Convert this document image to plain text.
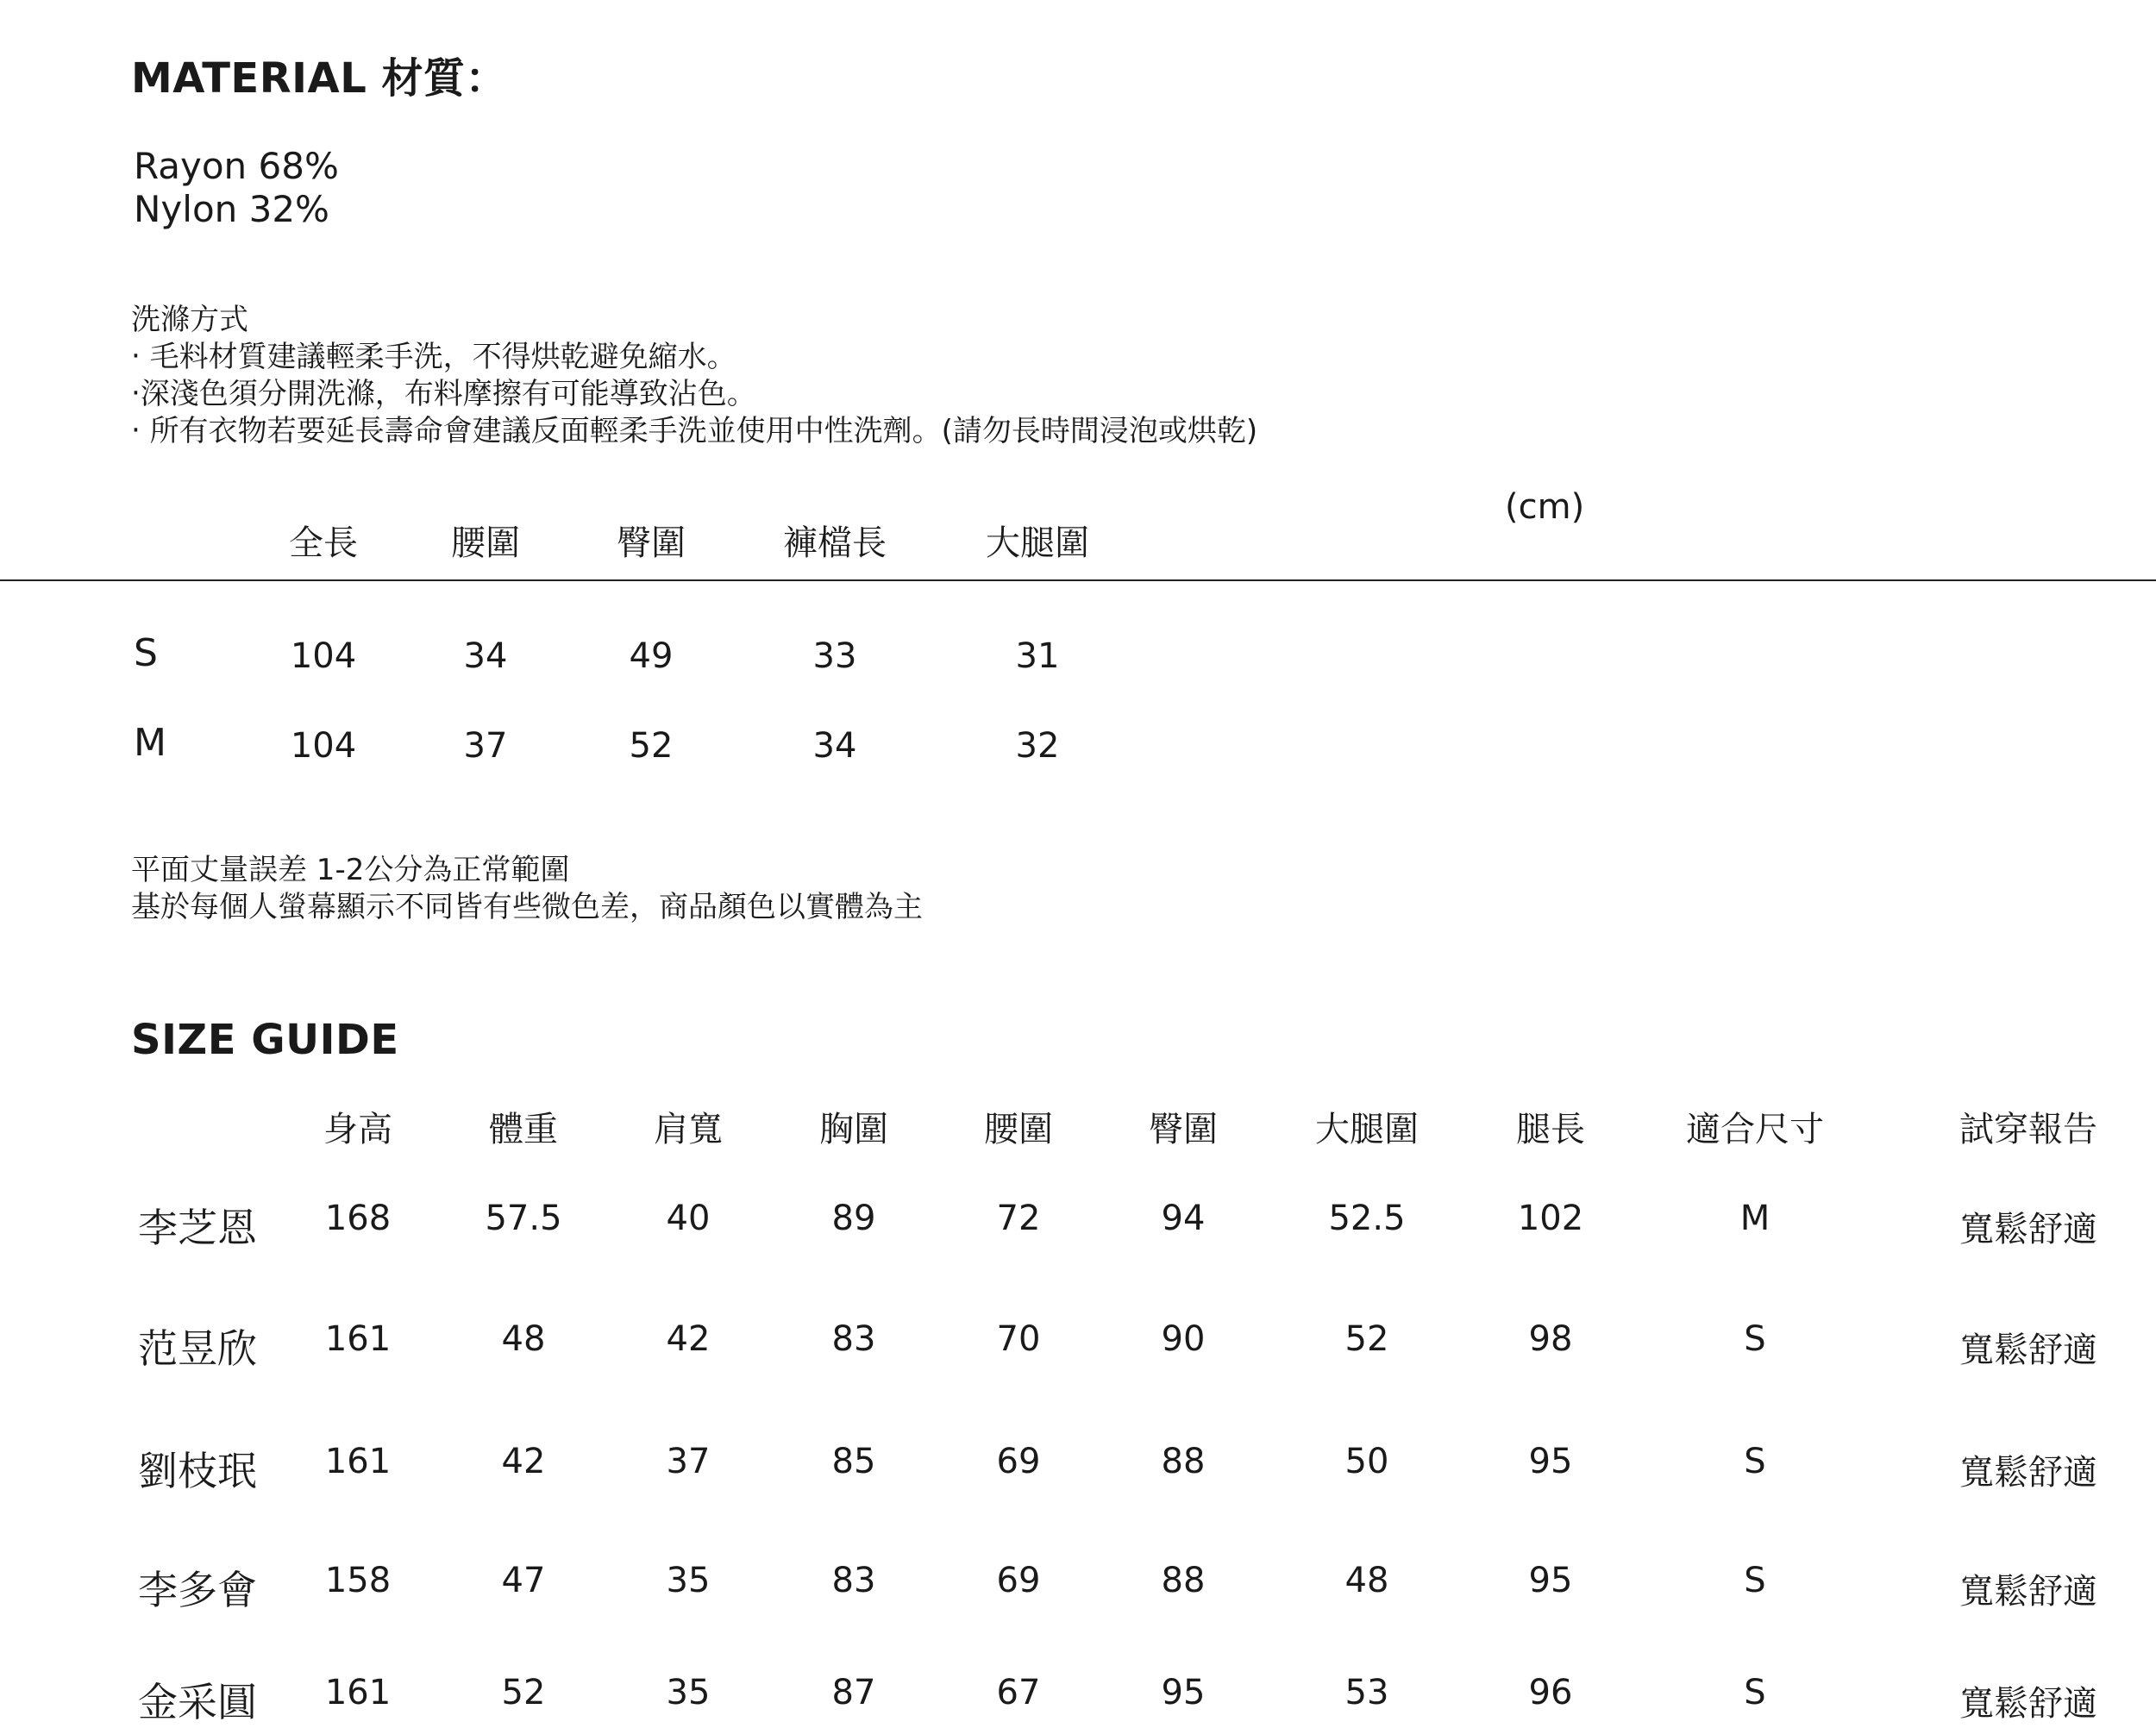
MATERIAL 材質：
Rayon 68%
Nylon 32%
洗滌方式
‧ 毛料材質建議輕柔手洗，不得烘乾避免縮水。
‧深淺色須分開洗滌，布料摩擦有可能導致沾色。
‧ 所有衣物若要延長壽命會建議反面輕柔手洗並使用中性洗劑。(請勿長時間浸泡或烘乾)
(cm)
全長	腰圍	臀圍	褲檔長	大腿圍
S	104	34	49	33	31
M	104	37	52	34	32
平面丈量誤差 1-2公分為正常範圍
基於每個人螢幕顯示不同皆有些微色差，商品顏色以實體為主
SIZE GUIDE
身高	體重	肩寬	胸圍	腰圍	臀圍	大腿圍	腿長	適合尺寸	試穿報告
李芝恩 168	57.5	40	89	72	94	52.5	102	M	寬鬆舒適
范昱欣 161	48	42	83	70	90	52	98	S	寬鬆舒適
劉枝珉 161	42	37	85	69	88	50	95	S	寬鬆舒適
李多會 158	47	35	83	69	88	48	95	S	寬鬆舒適
金采圓 161	52	35	87	67	95	53	96	S	寬鬆舒適
